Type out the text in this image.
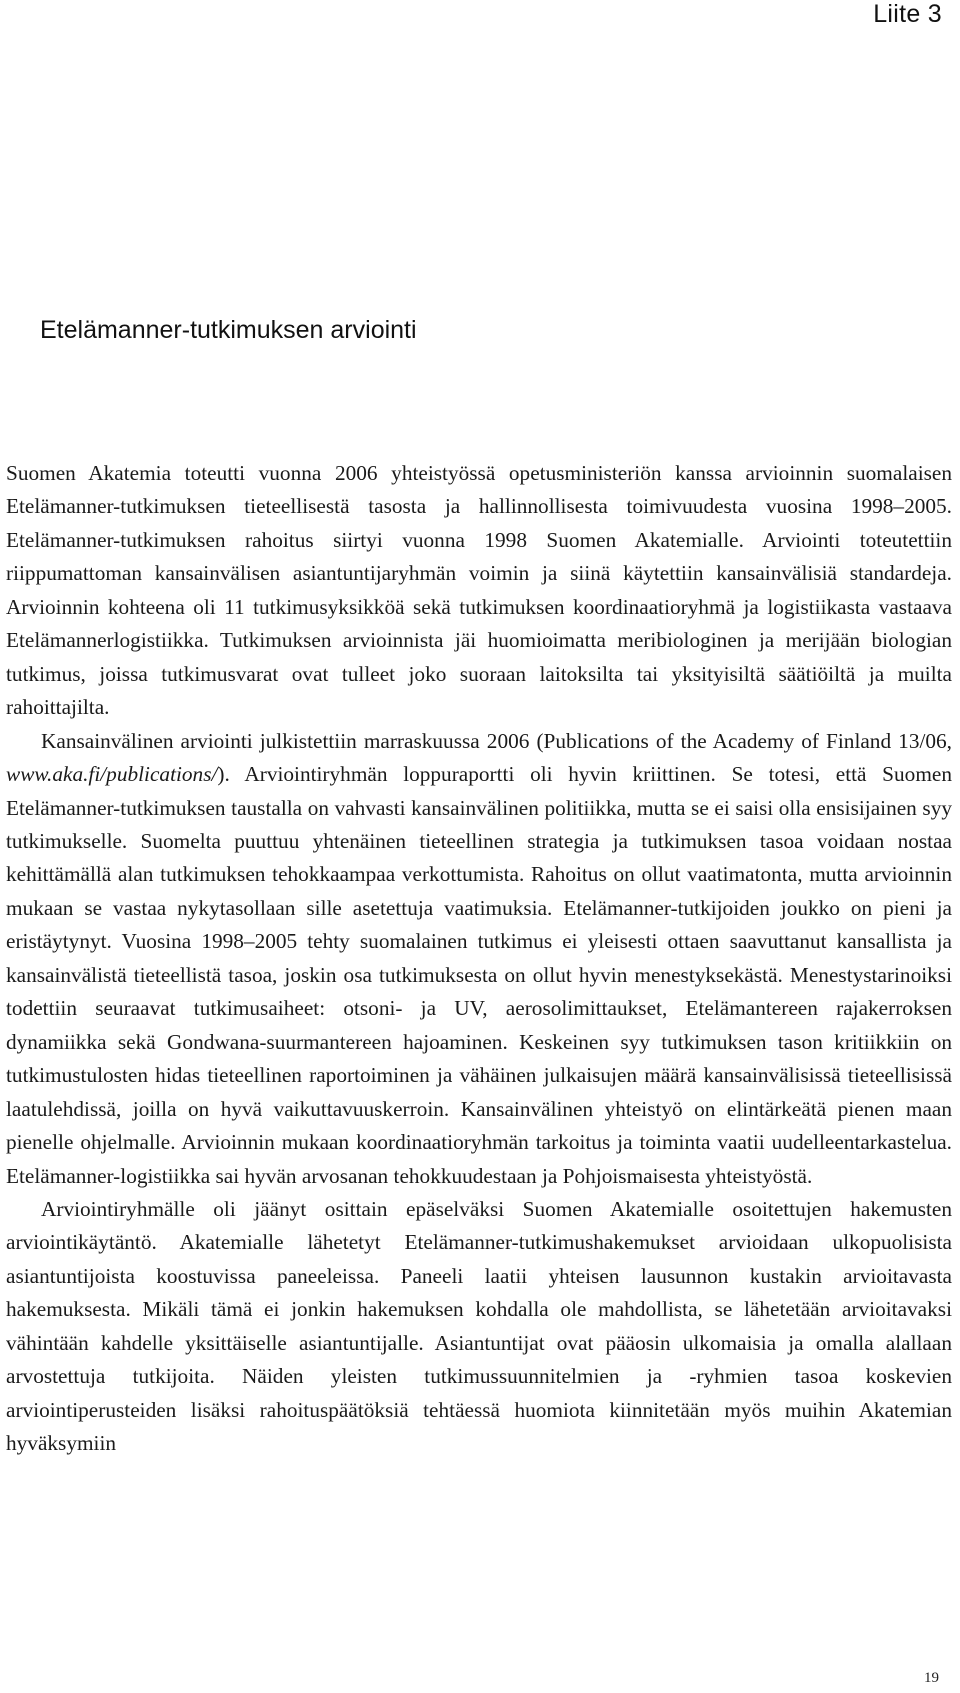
Liite 3
Etelämanner-tutkimuksen arviointi

Suomen Akatemia toteutti vuonna 2006 yhteistyössä opetusministeriön kanssa arvioinnin suomalaisen Etelämanner-tutkimuksen tieteellisestä tasosta ja hallinnollisesta toimivuudesta vuosina 1998–2005. Etelämanner-tutkimuksen rahoitus siirtyi vuonna 1998 Suomen Akatemialle. Arviointi toteutettiin riippumattoman kansainvälisen asiantuntijaryhmän voimin ja siinä käytettiin kansainvälisiä standardeja. Arvioinnin kohteena oli 11 tutkimusyksikköä sekä tutkimuksen koordinaatioryhmä ja logistiikasta vastaava Etelämannerlogistiikka. Tutkimuksen arvioinnista jäi huomioimatta meribiologinen ja merijään biologian tutkimus, joissa tutkimusvarat ovat tulleet joko suoraan laitoksilta tai yksityisiltä säätiöiltä ja muilta rahoittajilta.

Kansainvälinen arviointi julkistettiin marraskuussa 2006 (Publications of the Academy of Finland 13/06, www.aka.fi/publications/). Arviointiryhmän loppuraportti oli hyvin kriittinen. Se totesi, että Suomen Etelämanner-tutkimuksen taustalla on vahvasti kansainvälinen politiikka, mutta se ei saisi olla ensisijainen syy tutkimukselle. Suomelta puuttuu yhtenäinen tieteellinen strategia ja tutkimuksen tasoa voidaan nostaa kehittämällä alan tutkimuksen tehokkaampaa verkottumista. Rahoitus on ollut vaatimatonta, mutta arvioinnin mukaan se vastaa nykytasollaan sille asetettuja vaatimuksia. Etelämanner-tutkijoiden joukko on pieni ja eristäytynyt. Vuosina 1998–2005 tehty suomalainen tutkimus ei yleisesti ottaen saavuttanut kansallista ja kansainvälistä tieteellistä tasoa, joskin osa tutkimuksesta on ollut hyvin menestyksekästä. Menestystarinoiksi todettiin seuraavat tutkimusaiheet: otsoni- ja UV, aerosolimittaukset, Etelämantereen rajakerroksen dynamiikka sekä Gondwana-suurmantereen hajoaminen. Keskeinen syy tutkimuksen tason kritiikkiin on tutkimustulosten hidas tieteellinen raportoiminen ja vähäinen julkaisujen määrä kansainvälisissä tieteellisissä laatulehdissä, joilla on hyvä vaikuttavuuskerroin. Kansainvälinen yhteistyö on elintärkeätä pienen maan pienelle ohjelmalle. Arvioinnin mukaan koordinaatioryhmän tarkoitus ja toiminta vaatii uudelleentarkastelua. Etelämanner-logistiikka sai hyvän arvosanan tehokkuudestaan ja Pohjoismaisesta yhteistyöstä.

Arviointiryhmälle oli jäänyt osittain epäselväksi Suomen Akatemialle osoitettujen hakemusten arviointikäytäntö. Akatemialle lähetetyt Etelämanner-tutkimushakemukset arvioidaan ulkopuolisista asiantuntijoista koostuvissa paneeleissa. Paneeli laatii yhteisen lausunnon kustakin arvioitavasta hakemuksesta. Mikäli tämä ei jonkin hakemuksen kohdalla ole mahdollista, se lähetetään arvioitavaksi vähintään kahdelle yksittäiselle asiantuntijalle. Asiantuntijat ovat pääosin ulkomaisia ja omalla alallaan arvostettuja tutkijoita. Näiden yleisten tutkimussuunnitelmien ja -ryhmien tasoa koskevien arviointiperusteiden lisäksi rahoituspäätöksiä tehtäessä huomiota kiinnitetään myös muihin Akatemian hyväksymiin

19
